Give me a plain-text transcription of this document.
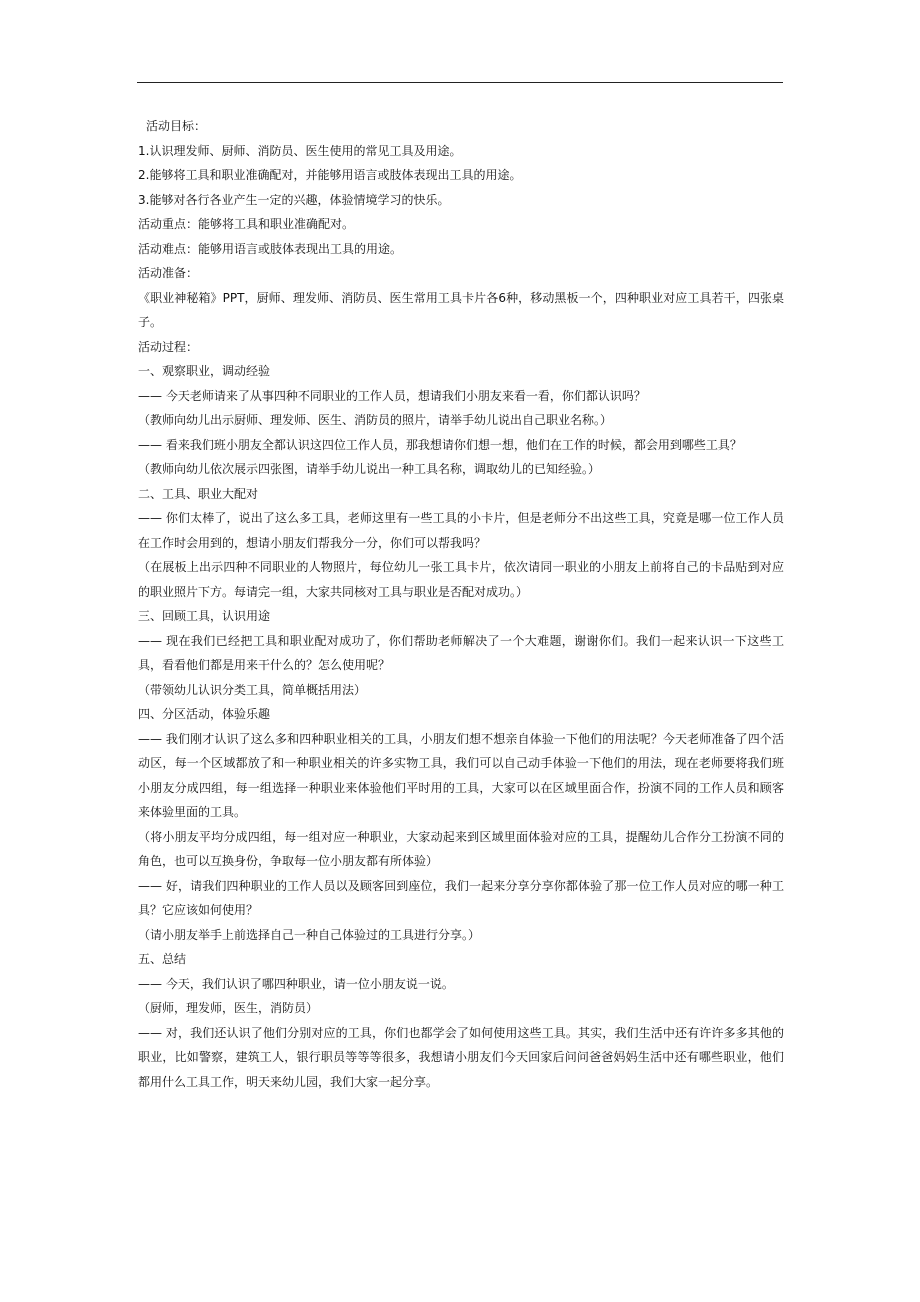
活动目标：
1.认识理发师、厨师、消防员、医生使用的常见工具及用途。
2.能够将工具和职业准确配对，并能够用语言或肢体表现出工具的用途。
3.能够对各行各业产生一定的兴趣，体验情境学习的快乐。
活动重点：能够将工具和职业准确配对。
活动难点：能够用语言或肢体表现出工具的用途。
活动准备：
《职业神秘箱》PPT，厨师、理发师、消防员、医生常用工具卡片各6种，移动黑板一个，四种职业对应工具若干，四张桌子。
活动过程：
一、观察职业，调动经验
—— 今天老师请来了从事四种不同职业的工作人员，想请我们小朋友来看一看，你们都认识吗？
（教师向幼儿出示厨师、理发师、医生、消防员的照片，请举手幼儿说出自己职业名称。）
—— 看来我们班小朋友全都认识这四位工作人员，那我想请你们想一想，他们在工作的时候，都会用到哪些工具？
（教师向幼儿依次展示四张图，请举手幼儿说出一种工具名称，调取幼儿的已知经验。）
二、工具、职业大配对
—— 你们太棒了，说出了这么多工具，老师这里有一些工具的小卡片，但是老师分不出这些工具，究竟是哪一位工作人员在工作时会用到的，想请小朋友们帮我分一分，你们可以帮我吗？
（在展板上出示四种不同职业的人物照片，每位幼儿一张工具卡片，依次请同一职业的小朋友上前将自己的卡品贴到对应的职业照片下方。每请完一组，大家共同核对工具与职业是否配对成功。）
三、回顾工具，认识用途
—— 现在我们已经把工具和职业配对成功了，你们帮助老师解决了一个大难题，谢谢你们。我们一起来认识一下这些工具，看看他们都是用来干什么的？怎么使用呢？
（带领幼儿认识分类工具，简单概括用法）
四、分区活动，体验乐趣
—— 我们刚才认识了这么多和四种职业相关的工具，小朋友们想不想亲自体验一下他们的用法呢？今天老师准备了四个活动区，每一个区域都放了和一种职业相关的许多实物工具，我们可以自己动手体验一下他们的用法，现在老师要将我们班小朋友分成四组，每一组选择一种职业来体验他们平时用的工具，大家可以在区域里面合作，扮演不同的工作人员和顾客来体验里面的工具。
（将小朋友平均分成四组，每一组对应一种职业，大家动起来到区域里面体验对应的工具，提醒幼儿合作分工扮演不同的角色，也可以互换身份，争取每一位小朋友都有所体验）
—— 好，请我们四种职业的工作人员以及顾客回到座位，我们一起来分享分享你都体验了那一位工作人员对应的哪一种工具？它应该如何使用？
（请小朋友举手上前选择自己一种自己体验过的工具进行分享。）
五、总结
—— 今天，我们认识了哪四种职业，请一位小朋友说一说。
（厨师，理发师，医生，消防员）
—— 对，我们还认识了他们分别对应的工具，你们也都学会了如何使用这些工具。其实，我们生活中还有许许多多其他的职业，比如警察，建筑工人，银行职员等等等很多，我想请小朋友们今天回家后问问爸爸妈妈生活中还有哪些职业，他们都用什么工具工作，明天来幼儿园，我们大家一起分享。
